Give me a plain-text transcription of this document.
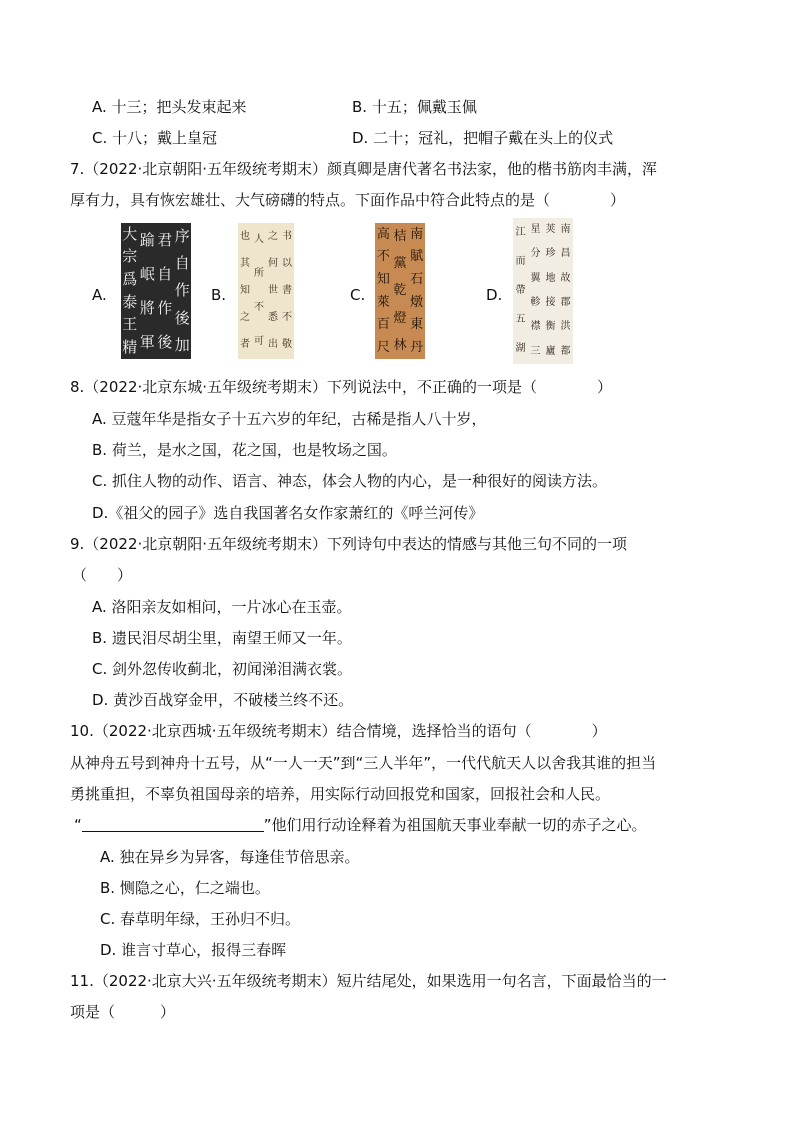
A. 十三；把头发束起来	B. 十五；佩戴玉佩
C. 十八；戴上皇冠	D. 二十；冠礼，把帽子戴在头上的仪式
7.（2022·北京朝阳·五年级统考期末）颜真卿是唐代著名书法家，他的楷书筋肉丰满，浑
厚有力，具有恢宏雄壮、大气磅礴的特点。下面作品中符合此特点的是（　　　　）
A.
序
自
作
後
加
君
自
作
後
踰
岷
將
軍
大
宗
爲
泰
王
精
B.
书
以
書
不
敬
之
何
世
悉
出
人
所
不
可
也
其
知
之
者
C.
南
賦
石
燉
東
丹
桔
黨
乾
燈
林
高
不
知
萊
百
尺
D.
南
昌
故
郡
洪
都
荚
珍
地
接
衡
廬
星
分
翼
軫
襟
三
江
而
帶
五
湖
8.（2022·北京东城·五年级统考期末）下列说法中，不正确的一项是（　　　　）
A. 豆蔻年华是指女子十五六岁的年纪，古稀是指人八十岁，
B. 荷兰，是水之国，花之国，也是牧场之国。
C. 抓住人物的动作、语言、神态，体会人物的内心，是一种很好的阅读方法。
D.《祖父的园子》选自我国著名女作家萧红的《呼兰河传》
9.（2022·北京朝阳·五年级统考期末）下列诗句中表达的情感与其他三句不同的一项
（　　）
A. 洛阳亲友如相问，一片冰心在玉壶。
B. 遗民泪尽胡尘里，南望王师又一年。
C. 剑外忽传收蓟北，初闻涕泪满衣裳。
D. 黄沙百战穿金甲，不破楼兰终不还。
10.（2022·北京西城·五年级统考期末）结合情境，选择恰当的语句（　　　　）
从神舟五号到神舟十五号，从“一人一天”到“三人半年”，一代代航天人以舍我其谁的担当
勇挑重担，不辜负祖国母亲的培养，用实际行动回报党和国家，回报社会和人民。
“	”他们用行动诠释着为祖国航天事业奉献一切的赤子之心。
A. 独在异乡为异客，每逢佳节倍思亲。
B. 恻隐之心，仁之端也。
C. 春草明年绿，王孙归不归。
D. 谁言寸草心，报得三春晖
11.（2022·北京大兴·五年级统考期末）短片结尾处，如果选用一句名言，下面最恰当的一
项是（　　　）
